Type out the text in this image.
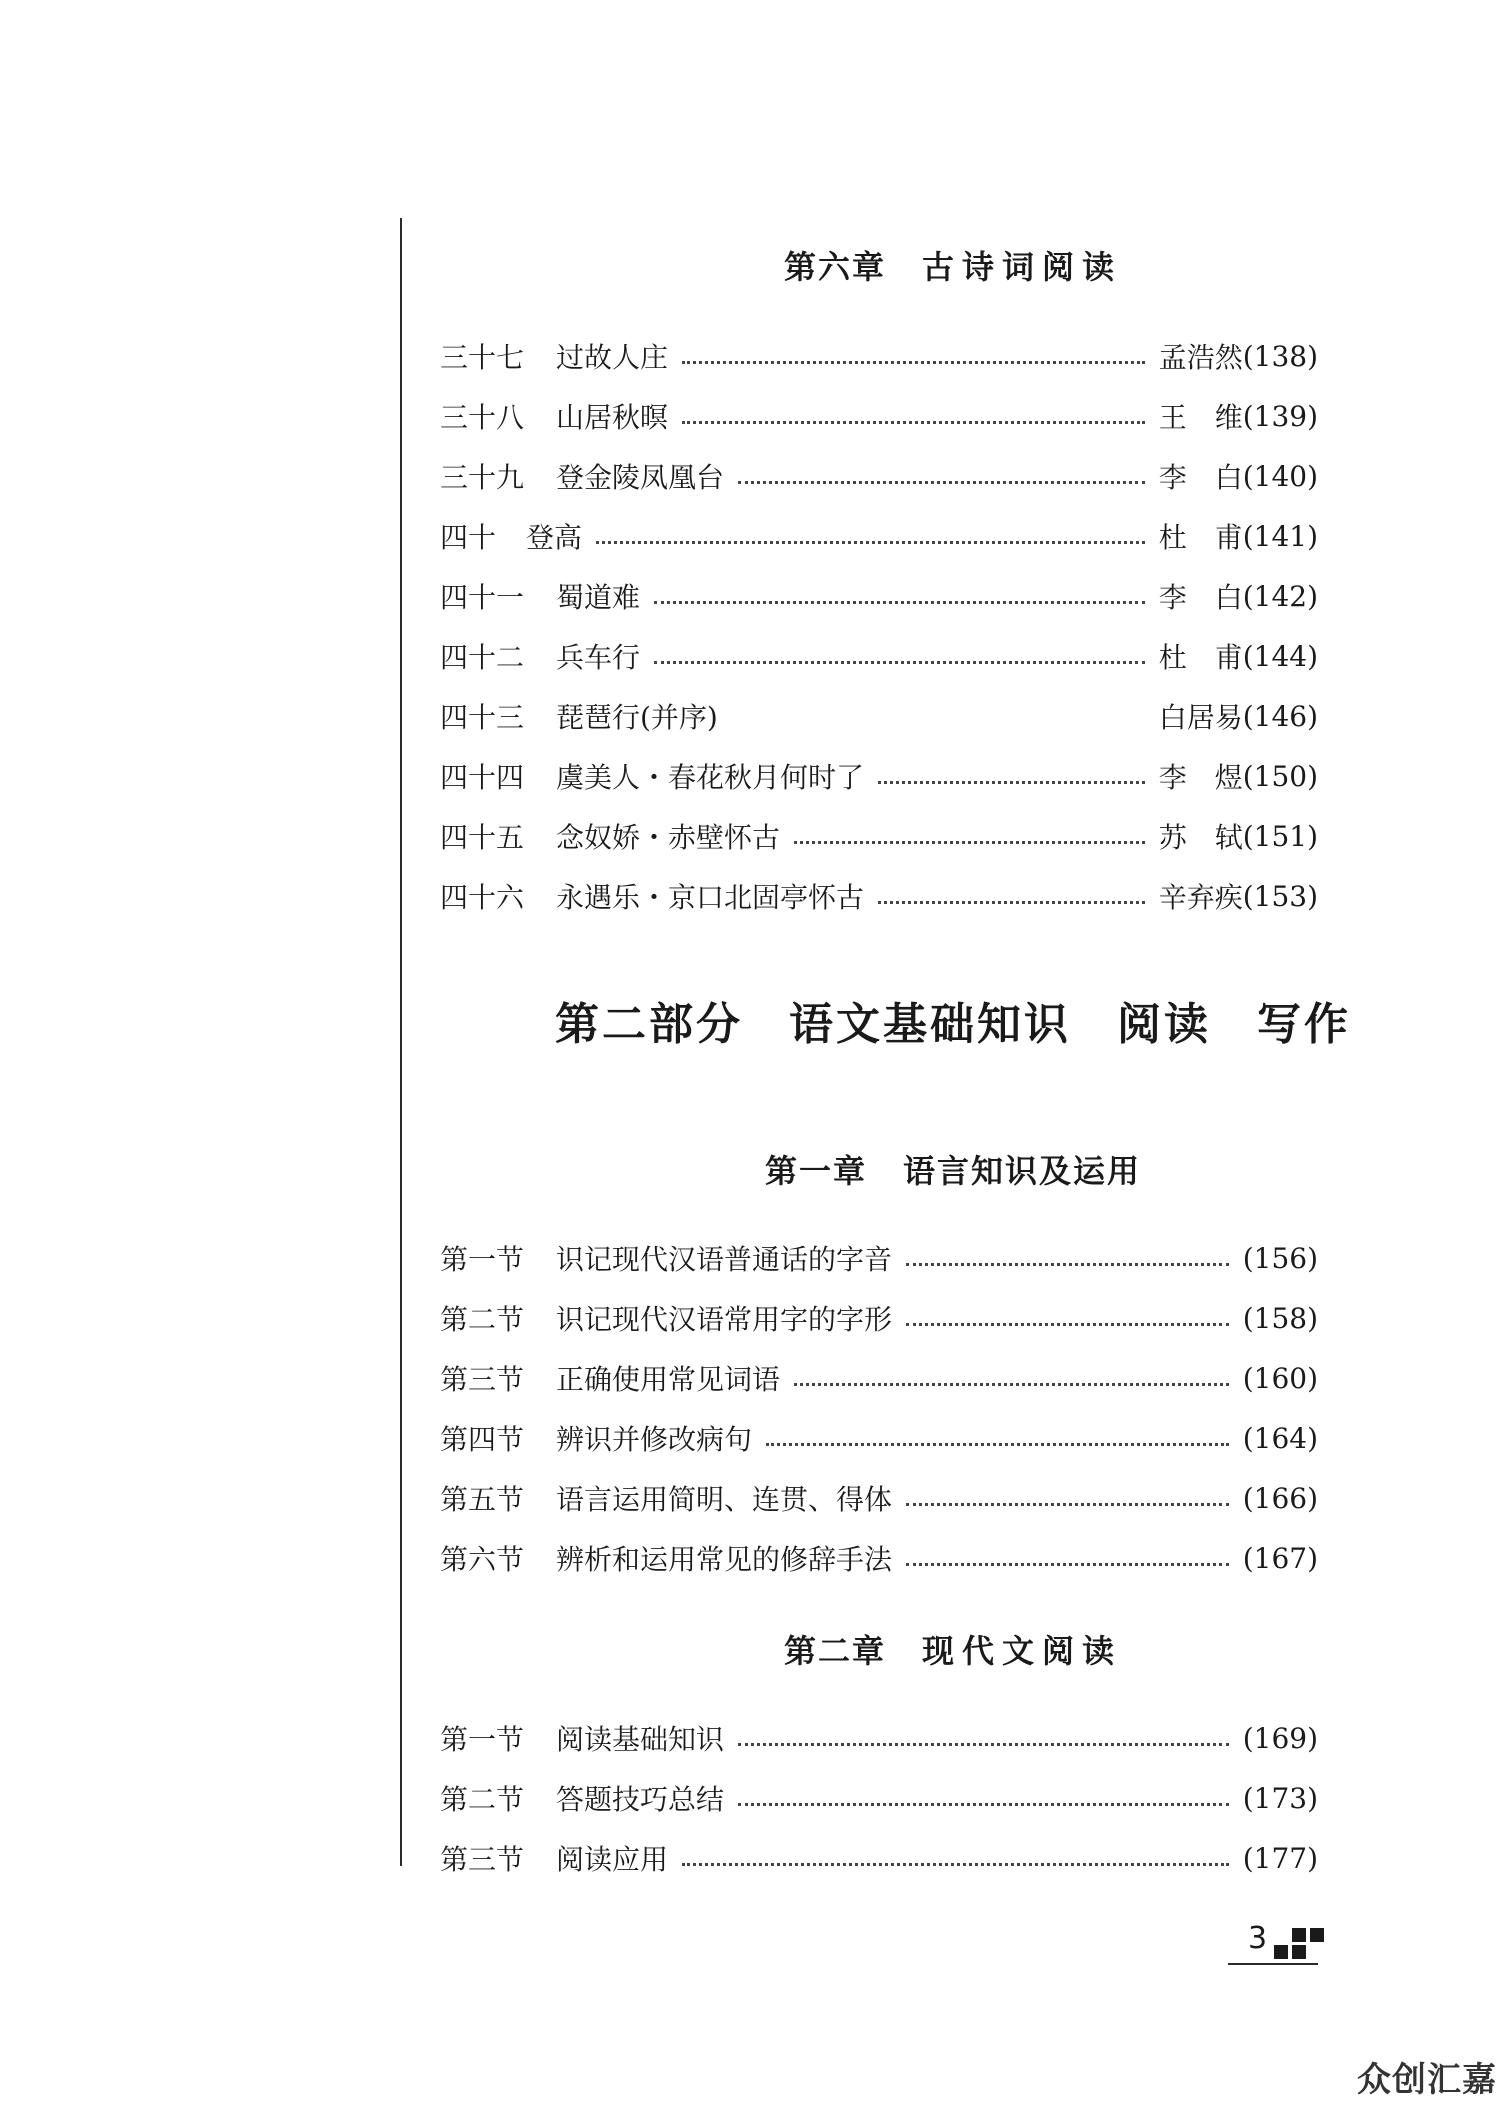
第六章 古诗词阅读
三十七	过故人庄	孟浩然 (138)
三十八	山居秋暝	王　维 (139)
三十九	登金陵凤凰台	李　白 (140)
四十	登高	杜　甫 (141)
四十一	蜀道难	李　白 (142)
四十二	兵车行	杜　甫 (144)
四十三	琵琶行(并序)	白居易 (146)
四十四	虞美人・春花秋月何时了	李　煜 (150)
四十五	念奴娇・赤壁怀古	苏　轼 (151)
四十六	永遇乐・京口北固亭怀古	辛弃疾 (153)
第二部分 语文基础知识 阅读 写作
第一章 语言知识及运用
第一节	识记现代汉语普通话的字音	(156)
第二节	识记现代汉语常用字的字形	(158)
第三节	正确使用常见词语	(160)
第四节	辨识并修改病句	(164)
第五节	语言运用简明、连贯、得体	(166)
第六节	辨析和运用常见的修辞手法	(167)
第二章 现代文阅读
第一节	阅读基础知识	(169)
第二节	答题技巧总结	(173)
第三节	阅读应用	(177)
3
众创汇嘉
